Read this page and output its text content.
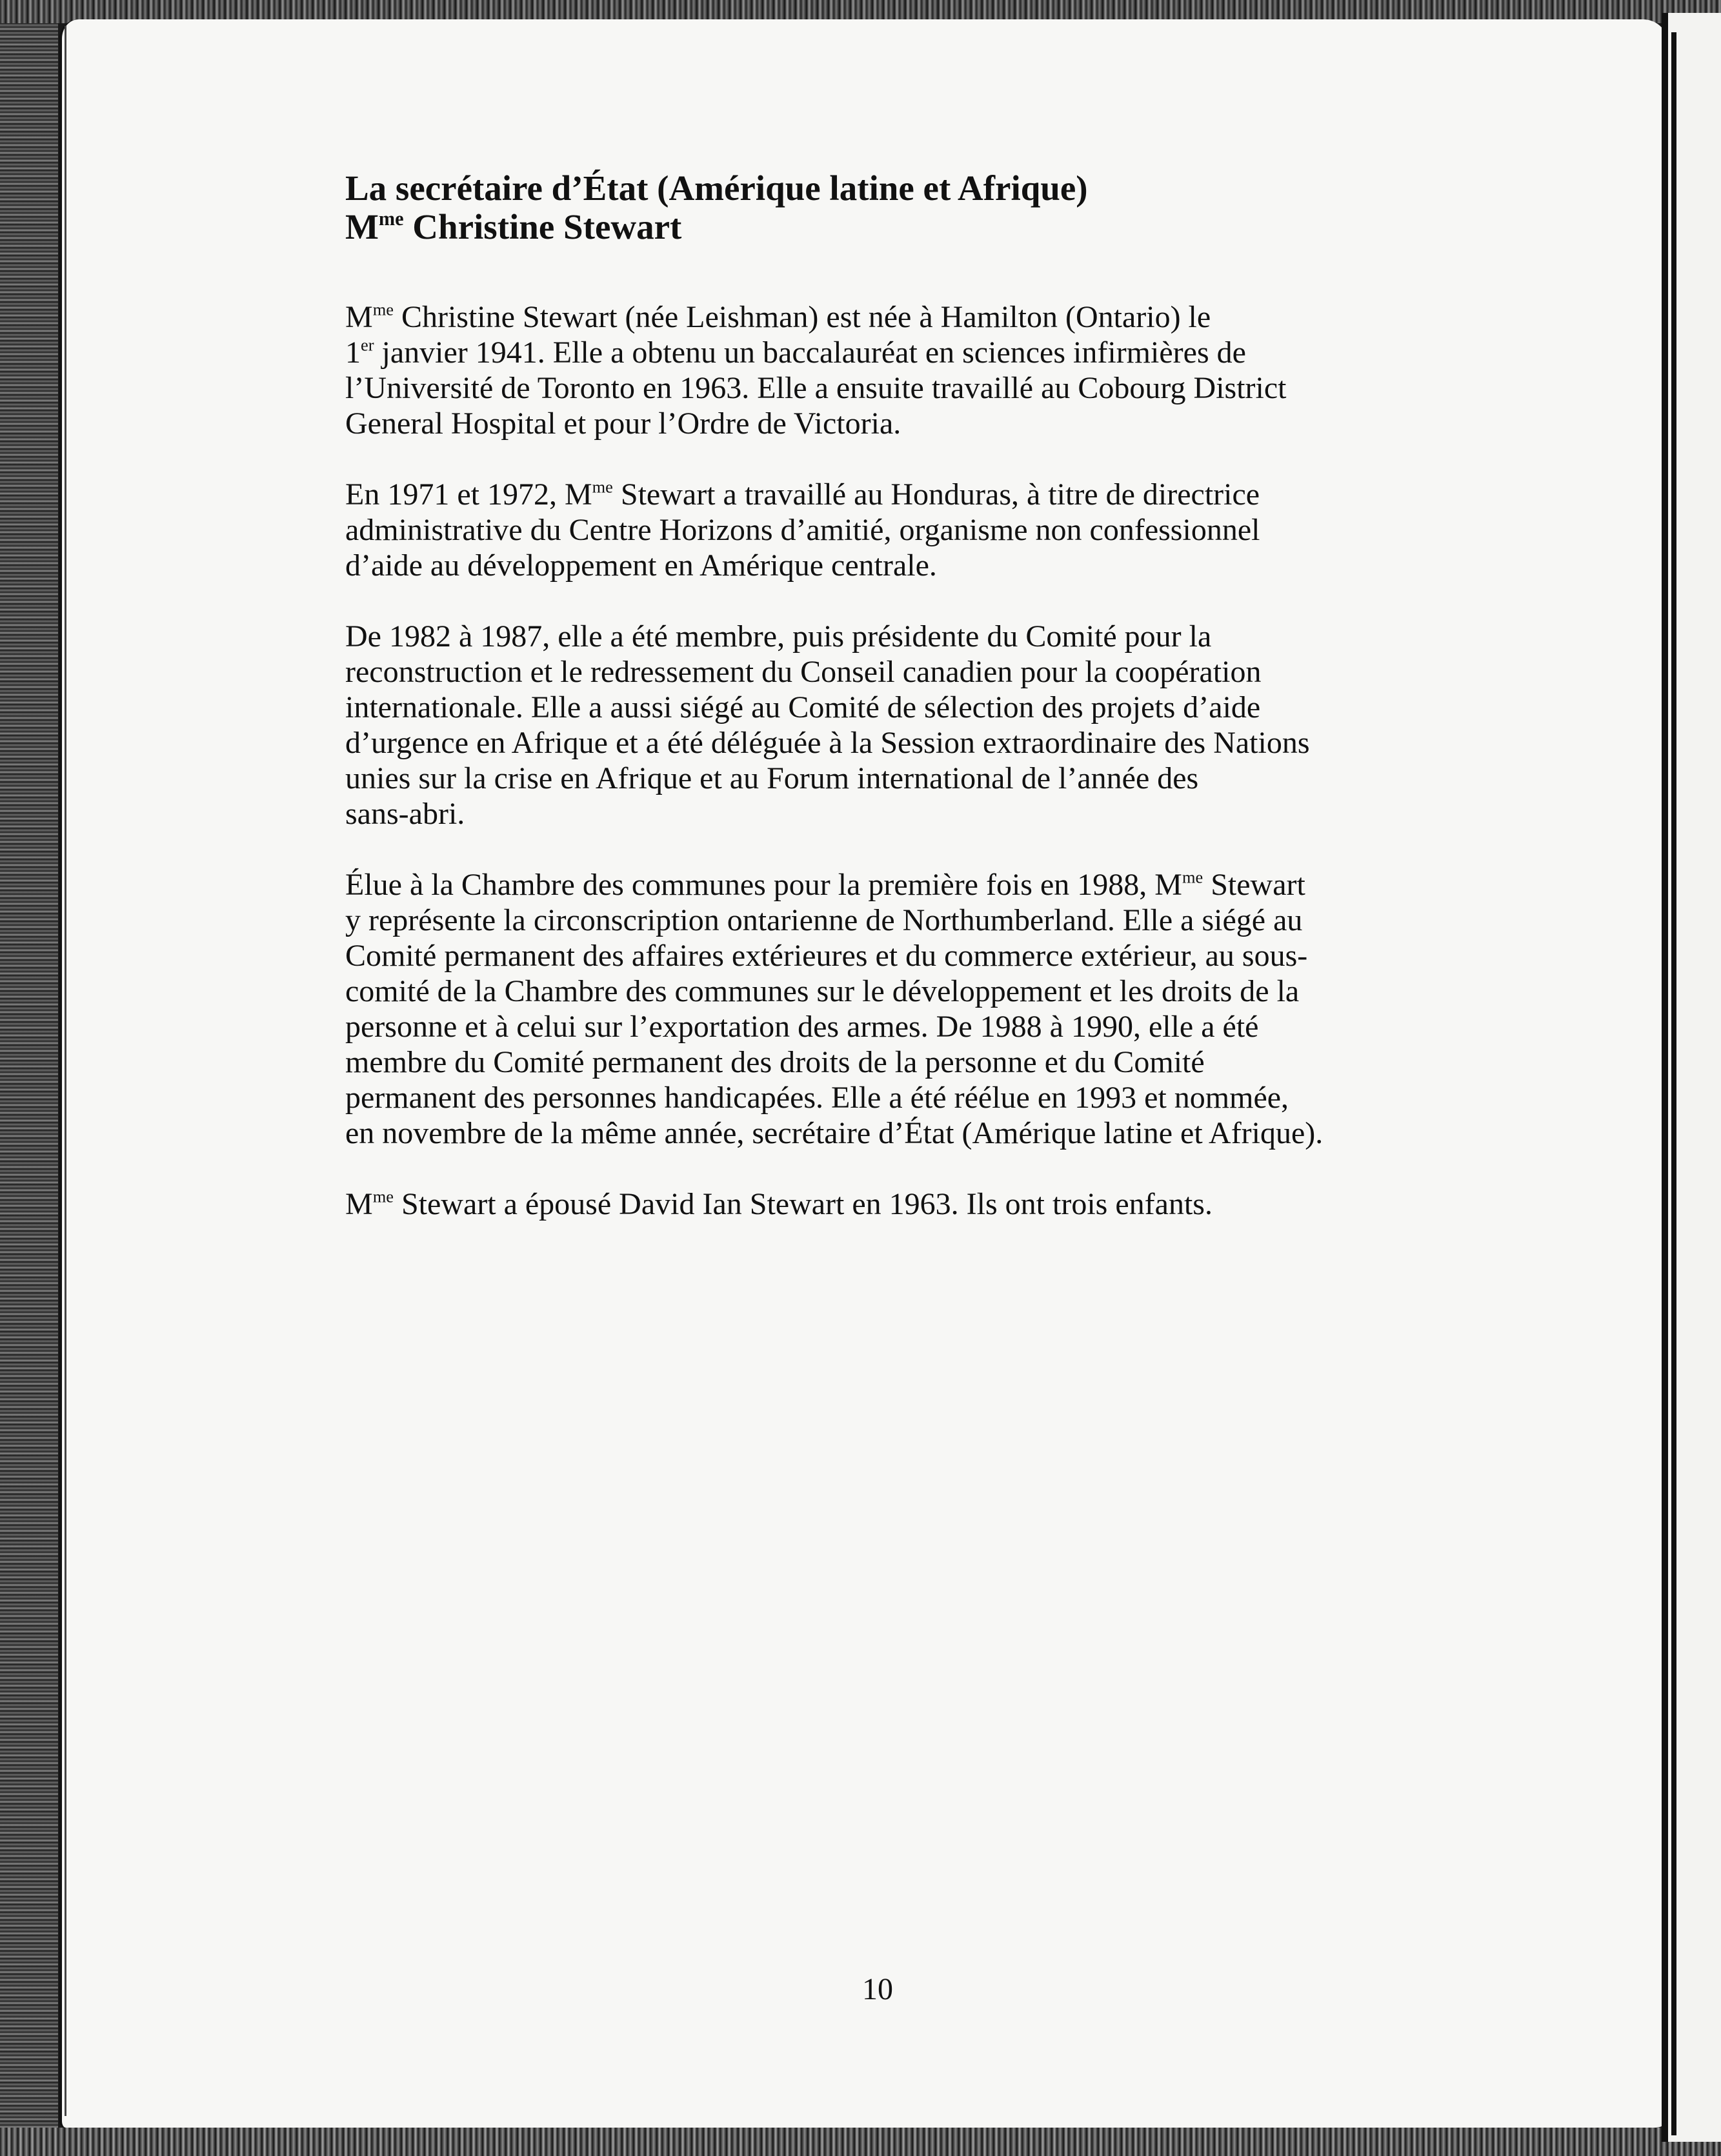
La secrétaire d’État (Amérique latine et Afrique)
$M^{me}$ Christine Stewart

$M^{me}$ Christine Stewart (née Leishman) est née à Hamilton (Ontario) le
1er janvier 1941. Elle a obtenu un baccalauréat en sciences infirmières de
l’Université de Toronto en 1963. Elle a ensuite travaillé au Cobourg District
General Hospital et pour l’Ordre de Victoria.

En 1971 et 1972, $M^{me}$ Stewart a travaillé au Honduras, à titre de directrice
administrative du Centre Horizons d’amitié, organisme non confessionnel
d’aide au développement en Amérique centrale.

De 1982 à 1987, elle a été membre, puis présidente du Comité pour la
reconstruction et le redressement du Conseil canadien pour la coopération
internationale. Elle a aussi siégé au Comité de sélection des projets d’aide
d’urgence en Afrique et a été déléguée à la Session extraordinaire des Nations
unies sur la crise en Afrique et au Forum international de l’année des
sans-abri.

Élue à la Chambre des communes pour la première fois en 1988, $M^{me}$ Stewart
y représente la circonscription ontarienne de Northumberland. Elle a siégé au
Comité permanent des affaires extérieures et du commerce extérieur, au sous-
comité de la Chambre des communes sur le développement et les droits de la
personne et à celui sur l’exportation des armes. De 1988 à 1990, elle a été
membre du Comité permanent des droits de la personne et du Comité
permanent des personnes handicapées. Elle a été réélue en 1993 et nommée,
en novembre de la même année, secrétaire d’État (Amérique latine et Afrique).

$M^{me}$ Stewart a épousé David Ian Stewart en 1963. Ils ont trois enfants.

10
